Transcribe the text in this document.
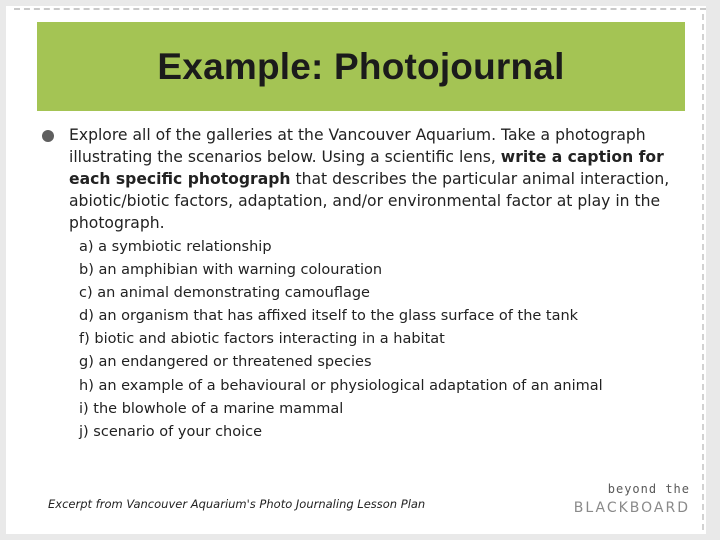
Example: Photojournal

Explore all of the galleries at the Vancouver Aquarium. Take a photograph illustrating the scenarios below. Using a scientific lens, write a caption for each specific photograph that describes the particular animal interaction, abiotic/biotic factors, adaptation, and/or environmental factor at play in the photograph.

a) a symbiotic relationship
b) an amphibian with warning colouration
c) an animal demonstrating camouflage
d) an organism that has affixed itself to the glass surface of the tank
f) biotic and abiotic factors interacting in a habitat
g) an endangered or threatened species
h) an example of a behavioural or physiological adaptation of an animal
i) the blowhole of a marine mammal
j) scenario of your choice

Excerpt from Vancouver Aquarium's Photo Journaling Lesson Plan

beyond the
BLACKBOARD
